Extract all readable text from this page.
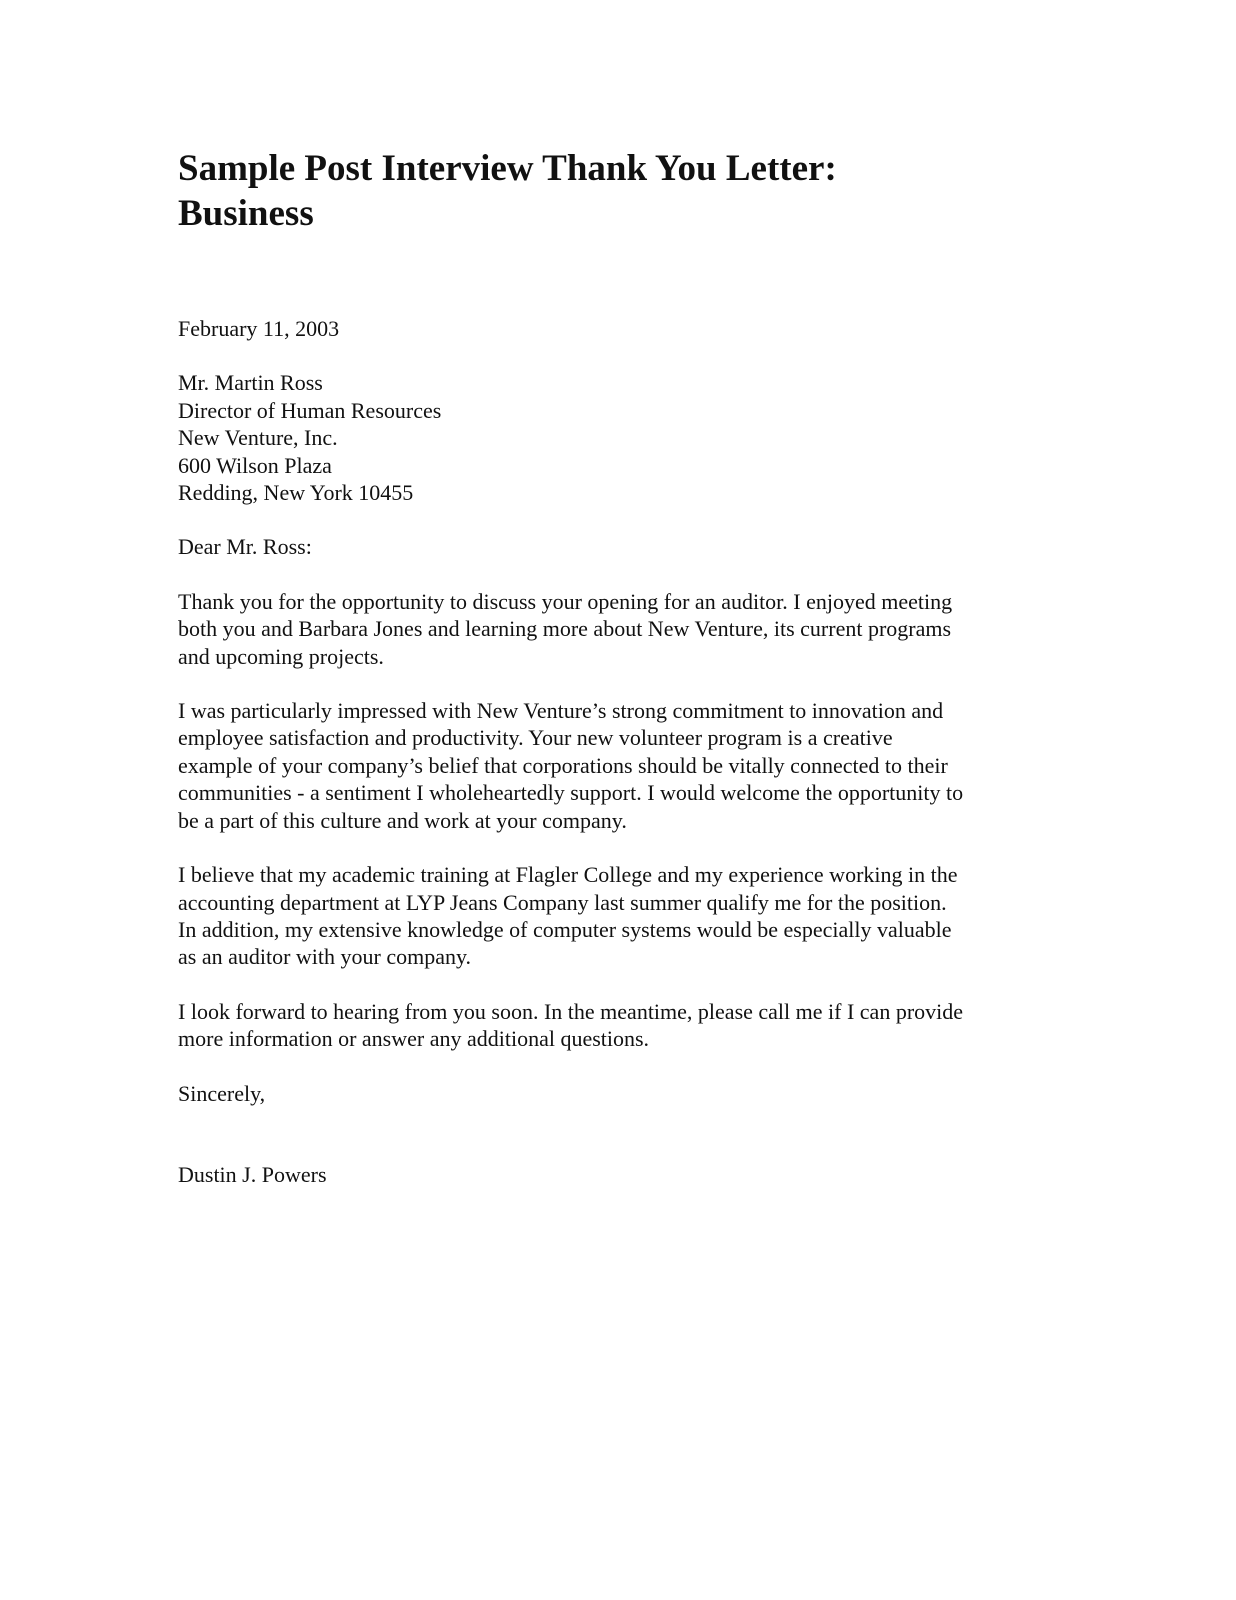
Sample Post Interview Thank You Letter:
Business

February 11, 2003

Mr. Martin Ross
Director of Human Resources
New Venture, Inc.
600 Wilson Plaza
Redding, New York 10455

Dear Mr. Ross:

Thank you for the opportunity to discuss your opening for an auditor. I enjoyed meeting
both you and Barbara Jones and learning more about New Venture, its current programs
and upcoming projects.

I was particularly impressed with New Venture’s strong commitment to innovation and
employee satisfaction and productivity. Your new volunteer program is a creative
example of your company’s belief that corporations should be vitally connected to their
communities - a sentiment I wholeheartedly support. I would welcome the opportunity to
be a part of this culture and work at your company.

I believe that my academic training at Flagler College and my experience working in the
accounting department at LYP Jeans Company last summer qualify me for the position.
In addition, my extensive knowledge of computer systems would be especially valuable
as an auditor with your company.

I look forward to hearing from you soon. In the meantime, please call me if I can provide
more information or answer any additional questions.

Sincerely,

Dustin J. Powers
